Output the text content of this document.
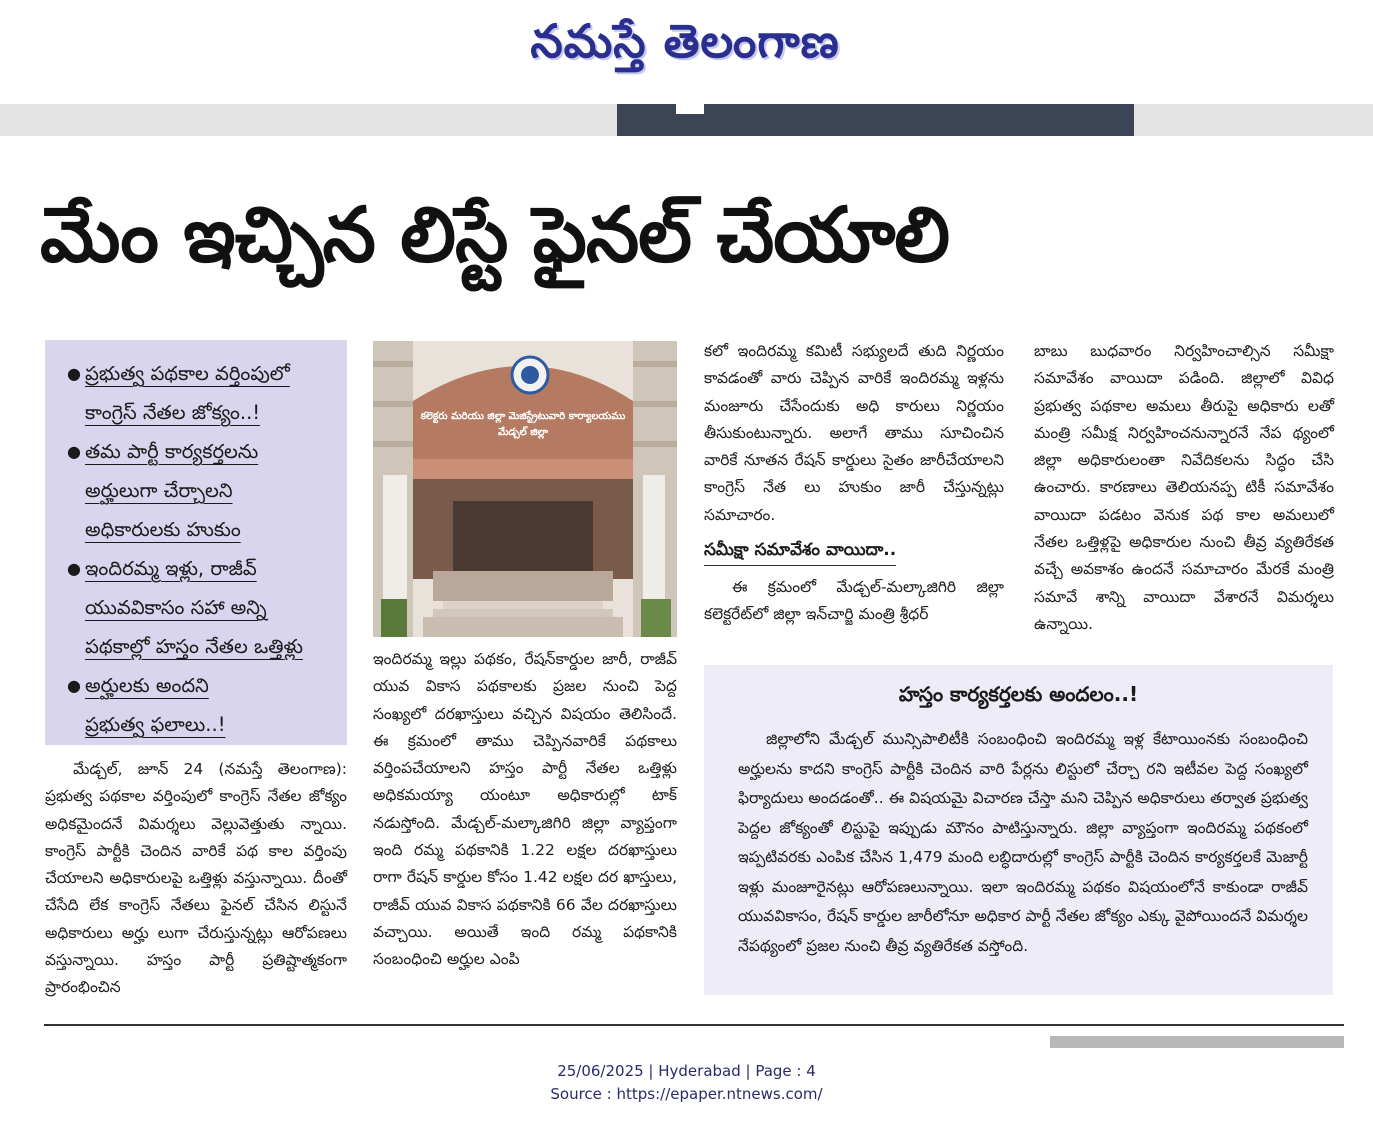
నమస్తే తెలంగాణ
మేం ఇచ్చిన లిస్టే ఫైనల్ చేయాలి
● ప్రభుత్వ పథకాల వర్తింపులో
కాంగ్రెస్ నేతల జోక్యం..!
● తమ పార్టీ కార్యకర్తలను
అర్హులుగా చేర్చాలని
అధికారులకు హుకుం
● ఇందిరమ్మ ఇళ్లు, రాజీవ్
యువవికాసం సహా అన్ని
పథకాల్లో హస్తం నేతల ఒత్తిళ్లు
● అర్హులకు అందని
ప్రభుత్వ ఫలాలు..!
కలెక్టరు మరియు జిల్లా మెజిస్ట్రేటువారి కార్యాలయము
మేడ్చల్ జిల్లా

మేడ్చల్, జూన్ 24 (నమస్తే తెలంగాణ): ప్రభుత్వ పథకాల వర్తింపులో కాంగ్రెస్ నేతల జోక్యం అధికమైందనే విమర్శలు వెల్లువెత్తుతు న్నాయి. కాంగ్రెస్ పార్టీకి చెందిన వారికే పథ కాల వర్తింపు చేయాలని అధికారులపై ఒత్తిళ్లు వస్తున్నాయి. దీంతో చేసేది లేక కాంగ్రెస్ నేతలు ఫైనల్ చేసిన లిస్టునే అధికారులు అర్హు లుగా చేరుస్తున్నట్లు ఆరోపణలు వస్తున్నాయి. హస్తం పార్టీ ప్రతిష్టాత్మకంగా ప్రారంభించిన

ఇందిరమ్మ ఇల్లు పథకం, రేషన్‌కార్డుల జారీ, రాజీవ్ యువ వికాస పథకాలకు ప్రజల నుంచి పెద్ద సంఖ్యలో దరఖాస్తులు వచ్చిన విషయం తెలిసిందే. ఈ క్రమంలో తాము చెప్పినవారికే పథకాలు వర్తింపచేయాలని హస్తం పార్టీ నేతల ఒత్తిళ్లు అధికమయ్యా యంటూ అధికారుల్లో టాక్ నడుస్తోంది. మేడ్చల్-మల్కాజిగిరి జిల్లా వ్యాప్తంగా ఇంది రమ్మ పథకానికి 1.22 లక్షల దరఖాస్తులు రాగా రేషన్ కార్డుల కోసం 1.42 లక్షల దర ఖాస్తులు, రాజీవ్ యువ వికాస పథకానికి 66 వేల దరఖాస్తులు వచ్చాయి. అయితే ఇంది రమ్మ పథకానికి సంబంధించి అర్హుల ఎంపి

కలో ఇందిరమ్మ కమిటీ సభ్యులదే తుది నిర్ణయం కావడంతో వారు చెప్పిన వారికే ఇందిరమ్మ ఇళ్లను మంజూరు చేసేందుకు అధి కారులు నిర్ణయం తీసుకుంటున్నారు. అలాగే తాము సూచించిన వారికే నూతన రేషన్ కార్డులు సైతం జారీచేయాలని కాంగ్రెస్ నేత లు హుకుం జారీ చేస్తున్నట్లు సమాచారం.

సమీక్షా సమావేశం వాయిదా..

ఈ క్రమంలో మేడ్చల్-మల్కాజిగిరి జిల్లా కలెక్టరేట్‌లో జిల్లా ఇన్‌చార్జి మంత్రి శ్రీధర్

బాబు బుధవారం నిర్వహించాల్సిన సమీక్షా సమావేశం వాయిదా పడింది. జిల్లాలో వివిధ ప్రభుత్వ పథకాల అమలు తీరుపై అధికారు లతో మంత్రి సమీక్ష నిర్వహించనున్నారనే నేప థ్యంలో జిల్లా అధికారులంతా నివేదికలను సిద్ధం చేసి ఉంచారు. కారణాలు తెలియనప్ప టికీ సమావేశం వాయిదా పడటం వెనుక పథ కాల అమలులో నేతల ఒత్తిళ్లపై అధికారుల నుంచి తీవ్ర వ్యతిరేకత వచ్చే అవకాశం ఉందనే సమాచారం మేరకే మంత్రి సమావే శాన్ని వాయిదా వేశారనే విమర్శలు ఉన్నాయి.

హస్తం కార్యకర్తలకు అందలం..!

జిల్లాలోని మేడ్చల్ మున్సిపాలిటీకి సంబంధించి ఇందిరమ్మ ఇళ్ల కేటాయింనకు సంబంధించి అర్హులను కాదని కాంగ్రెస్ పార్టీకి చెందిన వారి పేర్లను లిస్టులో చేర్చా రని ఇటీవల పెద్ద సంఖ్యలో ఫిర్యాదులు అందడంతో.. ఈ విషయమై విచారణ చేస్తా మని చెప్పిన అధికారులు తర్వాత ప్రభుత్వ పెద్దల జోక్యంతో లిస్టుపై ఇప్పుడు మౌనం పాటిస్తున్నారు. జిల్లా వ్యాప్తంగా ఇందిరమ్మ పథకంలో ఇప్పటివరకు ఎంపిక చేసిన 1,479 మంది లబ్ధిదారుల్లో కాంగ్రెస్ పార్టీకి చెందిన కార్యకర్తలకే మెజార్టీ ఇళ్లు మంజూరైనట్లు ఆరోపణలున్నాయి. ఇలా ఇందిరమ్మ పథకం విషయంలోనే కాకుండా రాజీవ్ యువవికాసం, రేషన్ కార్డుల జారీలోనూ అధికార పార్టీ నేతల జోక్యం ఎక్కు వైపోయిందనే విమర్శల నేపథ్యంలో ప్రజల నుంచి తీవ్ర వ్యతిరేకత వస్తోంది.

25/06/2025 | Hyderabad | Page : 4
Source : https://epaper.ntnews.com/
